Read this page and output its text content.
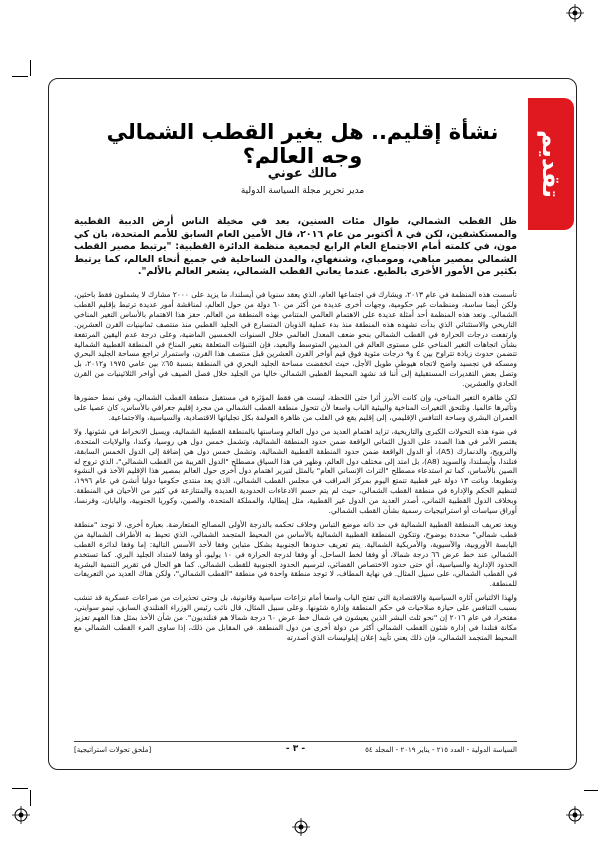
تقديم
نشأة إقليم.. هل يغير القطب الشمالي وجه العالم؟
مالك عوني
مدير تحرير مجلة السياسة الدولية
ظل القطب الشمالي، طوال مئات السنين، بعد في مخيلة الناس أرض الدببة القطبية والمستكشفين، لكن في ٨ أكتوبر من عام ٢٠١٦، قال الأمين العام السابق للأمم المتحدة، بان كي مون، في كلمته أمام الاجتماع العام الرابع لجمعية منظمة الدائرة القطبية: "يرتبط مصير القطب الشمالي بمصير مباهي، ومومباي، وشنغهاي، والمدن الساحلية في جميع أنحاء العالم، كما يرتبط بكثير من الأمور الأخرى بالطبع. عندما يعاني القطب الشمالي، يشعر العالم بالألم".

تأسست هذه المنظمة في عام ٢٠١٣، ويشارك في اجتماعها العام، الذي يعقد سنويا في أيسلندا، ما يزيد على ٢٠٠٠ مشارك لا يشملون فقط باحثين، ولكن أيضا ساسة، ومنظمات غير حكومية، وجهات أخرى عديدة من أكثر من ٦٠ دولة من حول العالم، لمناقشة أمور عديدة ترتبط بإقليم القطب الشمالي. وتعد هذه المنظمة أحد أمثلة عديدة على الاهتمام العالمي المتنامي بهذه المنطقة من العالم. حفز هذا الاهتمام بالأساس التغير المناخي التاريخي والاستثنائي الذي بدأت تشهده هذه المنطقة منذ بدء عملية الذوبان المتسارع في الجليد القطبي منذ منتصف ثمانينيات القرن العشرين. وارتفعت درجات الحرارة في القطب الشمالي بنحو ضعف المعدل العالمي خلال السنوات الخمسين الماضية، وعلى درجة عدم اليقين المرتفعة بشأن اتجاهات التغير المناخي على مستوى العالم في المديين المتوسط والبعيد، فإن التنبؤات المتعلقة بتغير المناخ في المنطقة القطبية الشمالية تتضمن حدوث زيادة تتراوح بين ٤ و٩ درجات مئوية فوق قيم أواخر القرن العشرين قبل منتصف هذا القرن، واستمرار تراجع مساحة الجليد البحري ومسكه في تجسيد واضح لاتجاه هيوطي طويل الأجل، حيث انخفضت مساحة الجليد البحري في المنطقة بنسبة ٦٥٪ بين عامي ١٩٧٥ و٢٠١٢، بل وتصل بعض التقديرات المستقبلية إلى أننا قد نشهد المحيط القطبي الشمالي خاليا من الجليد خلال فصل الصيف في أواخر الثلاثينيات من القرن الحادي والعشرين.

لكن ظاهرة التغير المناخي، وإن كانت الأبرز أثرا حتى اللحظة، ليست هي فقط المؤثرة في مستقبل منطقة القطب الشمالي، وفي نمط حضورها وتأثيرها عالميا. وتلتحق التغيرات المناخية والبيئية الباب واسعا لأن تتحول منطقة القطب الشمالي من مجرد إقليم جغرافي بالأساس، كان عصيا على العمران البشري وساحة التنافس الإقليمي، إلى إقليم يقع في القلب من ظاهرة العولمة بكل تجلياتها الاقتصادية، والسياسية، والاجتماعية.

في ضوء هذه التحولات الكبرى والتاريخية، تزايد اهتمام العديد من دول العالم وساستها بالمنطقة القطبية الشمالية، ويسيل الانخراط في شئونها. ولا يقتصر الأمر في هذا الصدد على الدول الثماني الواقعة ضمن حدود المنطقة الشمالية، وتشمل خمس دول هي روسيا، وكندا، والولايات المتحدة، والنرويج، والدنمارك (A5)، أو الدول الواقعة ضمن حدود المنطقة القطبية الشمالية، وتشمل خمس دول هي إضافة إلى الدول الخمس السابقة، فنلندا، وأيسلندا، والسويد (A8)، بل امتد إلى مختلف دول العالم، وظهر في هذا السياق مصطلح "الدول القريبة من القطب الشمالي"، الذي تروج له الصين بالأساس، كما تم استدعاء مصطلح "التراث الإنساني العام" بالمثل لتبرير اهتمام دول أخرى حول العالم بمصير هذا الإقليم الآخذ في النشوء وتطويعا. وباتت ١٣ دولة غير قطبية تتمتع اليوم بمركز المراقب في مجلس القطب الشمالي، الذي يعد منتدى حكوميا دوليا أنشئ في عام ١٩٩٦، لتنظيم الحكم والإدارة في منطقة القطب الشمالي، حيث لم يتم حسم الادعاءات الحدودية العديدة والمتنازعة في كثير من الأحيان في المنطقة. وبخلاف الدول القطبية الثماني، أصدر العديد من الدول غير القطبية، مثل إيطاليا، والمملكة المتحدة، والصين، وكوريا الجنوبية، واليابان، وفرنسا، أوراق سياسات أو استراتيجيات رسمية بشأن القطب الشمالي.

ويعد تعريف المنطقة القطبية الشمالية في حد ذاته موضع التباس وخلاف تحكمه بالدرجة الأولى المصالح المتعارضة. بعبارة أخرى، لا توجد "منطقة قطب شمالي" محددة بوضوح، وتتكون المنطقة القطبية الشمالية بالأساس من المحيط المتجمد الشمالي، الذي تحيط به الأطراف الشمالية من اليابسة الأوروبية، والآسيوية، والأمريكية الشمالية. يتم تعريف حدودها الجنوبية بشكل متباين وفقا لأحد الأسس التالية: إما وفقا لدائرة القطب الشمالي عند خط عرض ٦٦ درجة شمالا، أو وفقا لخط الساحل، أو وفقا لدرجة الحرارة في ١٠ يوليو، أو وفقا لامتداد الجليد البري. كما تستخدم الحدود الإدارية والسياسية، أي حتى حدود الاختصاص القضائي، لترسيم الحدود الجنوبية للقطب الشمالي. كما هو الحال في تقرير التنمية البشرية في القطب الشمالي، على سبيل المثال. في نهاية المطاف، لا توجد منطقة واحدة في منطقة "القطب الشمالي"، ولكن هناك العديد من التعريفات للمنطقة.

ولهذا الالتباس آثاره السياسية والاقتصادية التي تفتح الباب واسعا أمام نزاعات سياسية وقانونية، بل وحتى تحذيرات من صراعات عسكرية قد تنشب بسبب التنافس على حيازة صلاحيات في حكم المنطقة وإدارة شئونها. وعلى سبيل المثال، قال نائب رئيس الوزراء الفنلندي السابق، تيمو سوايني، مفتخرا، في عام ٢٠١٦ إن "نحو ثلث البشر الذين يعيشون في شمال خط عرض ٦٠ درجة شمالا هم فنلنديون". من شأن الأخذ بمثل هذا الفهم تعزيز مكانة فنلندا في إدارة شئون القطب الشمالي أكثر من دولة أخرى من دول المنطقة. في المقابل من ذلك، إذا ساوى المرء القطب الشمالي مع المحيط المتجمد الشمالي، فإن ذلك يعني تأييد إعلان إيلوليسات الذي أصدرته

السياسة الدولية - العدد ٢١٥ - يناير ٢٠١٩ - المجلد ٥٤
- ٣ -
[ملحق تحولات استراتيجية]
